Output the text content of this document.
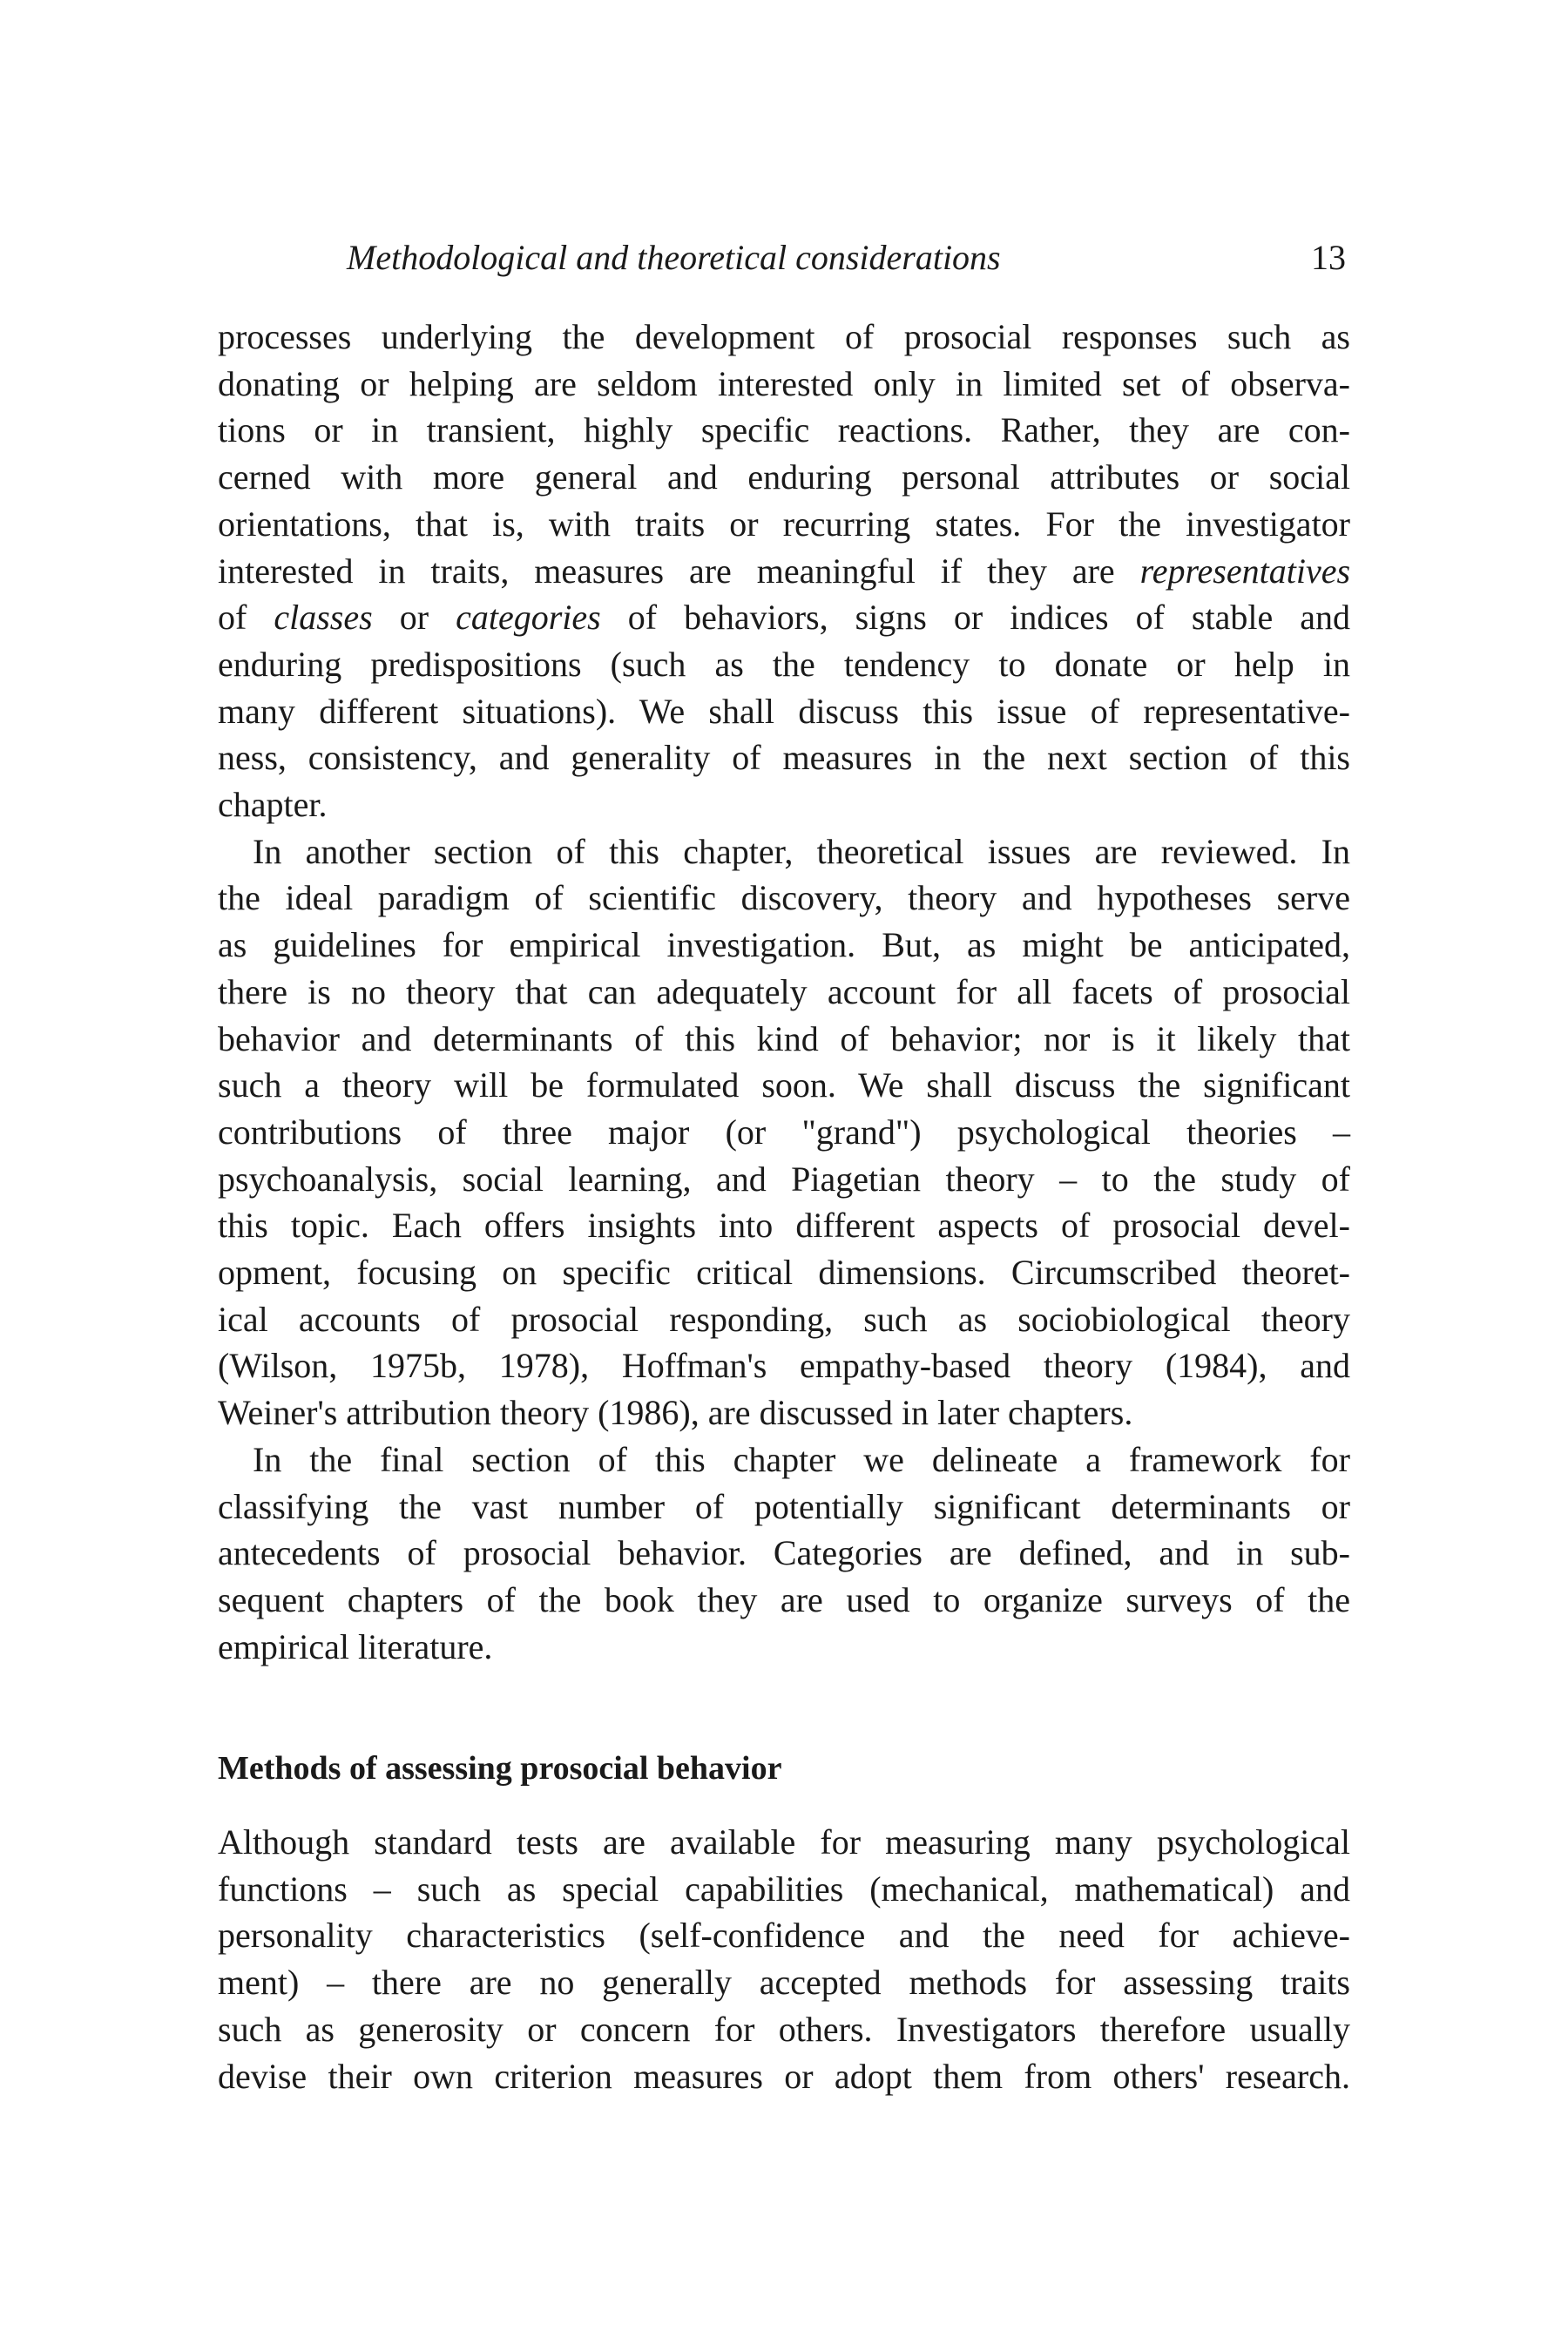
Methodological and theoretical considerations	13
processes underlying the development of prosocial responses such as
donating or helping are seldom interested only in limited set of observa-
tions or in transient, highly specific reactions. Rather, they are con-
cerned with more general and enduring personal attributes or social
orientations, that is, with traits or recurring states. For the investigator
interested in traits, measures are meaningful if they are representatives
of classes or categories of behaviors, signs or indices of stable and
enduring predispositions (such as the tendency to donate or help in
many different situations). We shall discuss this issue of representative-
ness, consistency, and generality of measures in the next section of this
chapter.
In another section of this chapter, theoretical issues are reviewed. In
the ideal paradigm of scientific discovery, theory and hypotheses serve
as guidelines for empirical investigation. But, as might be anticipated,
there is no theory that can adequately account for all facets of prosocial
behavior and determinants of this kind of behavior; nor is it likely that
such a theory will be formulated soon. We shall discuss the significant
contributions of three major (or "grand") psychological theories –
psychoanalysis, social learning, and Piagetian theory – to the study of
this topic. Each offers insights into different aspects of prosocial devel-
opment, focusing on specific critical dimensions. Circumscribed theoret-
ical accounts of prosocial responding, such as sociobiological theory
(Wilson, 1975b, 1978), Hoffman's empathy-based theory (1984), and
Weiner's attribution theory (1986), are discussed in later chapters.
In the final section of this chapter we delineate a framework for
classifying the vast number of potentially significant determinants or
antecedents of prosocial behavior. Categories are defined, and in sub-
sequent chapters of the book they are used to organize surveys of the
empirical literature.
Methods of assessing prosocial behavior
Although standard tests are available for measuring many psychological
functions – such as special capabilities (mechanical, mathematical) and
personality characteristics (self-confidence and the need for achieve-
ment) – there are no generally accepted methods for assessing traits
such as generosity or concern for others. Investigators therefore usually
devise their own criterion measures or adopt them from others' research.
